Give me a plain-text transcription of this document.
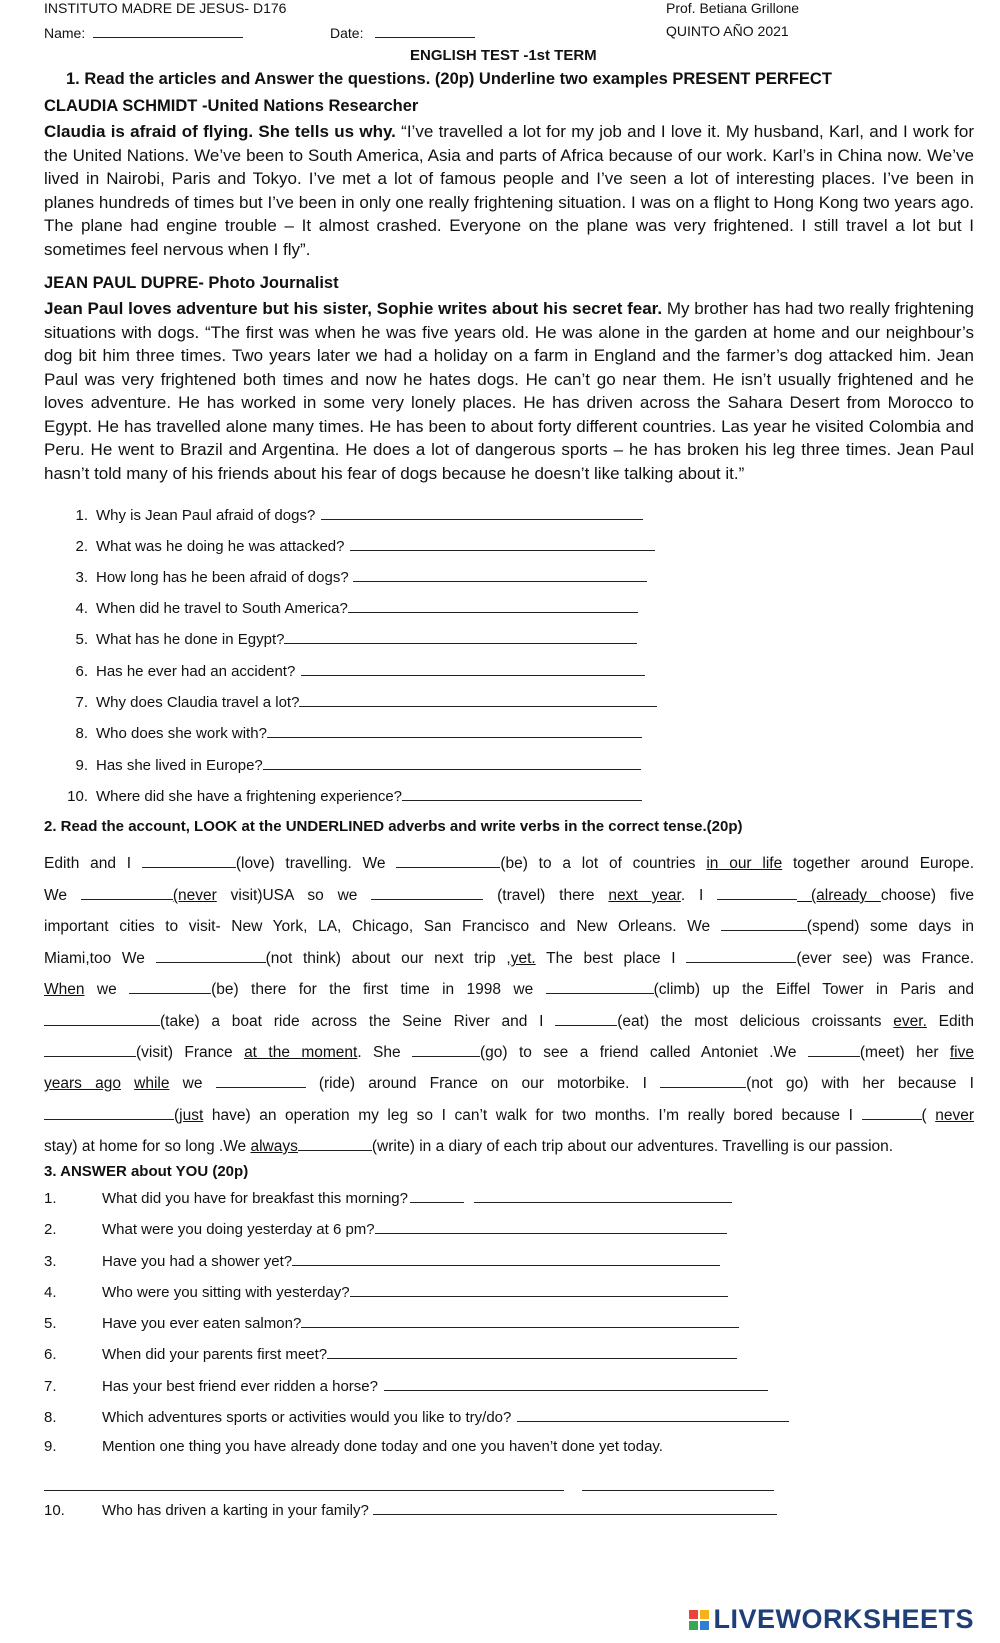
INSTITUTO MADRE DE JESUS- D176	Prof. Betiana Grillone
Name:	Date:	QUINTO AÑO 2021
ENGLISH TEST -1st TERM
1. Read the articles and Answer the questions. (20p) Underline two examples PRESENT PERFECT
CLAUDIA SCHMIDT -United Nations Researcher

Claudia is afraid of flying. She tells us why. “I’ve travelled a lot for my job and I love it. My husband, Karl, and I work for the United Nations. We’ve been to South America, Asia and parts of Africa because of our work. Karl’s in China now. We’ve lived in Nairobi, Paris and Tokyo. I’ve met a lot of famous people and I’ve seen a lot of interesting places. I’ve been in planes hundreds of times but I’ve been in only one really frightening situation. I was on a flight to Hong Kong two years ago. The plane had engine trouble – It almost crashed. Everyone on the plane was very frightened. I still travel a lot but I sometimes feel nervous when I fly”.

JEAN PAUL DUPRE- Photo Journalist

Jean Paul loves adventure but his sister, Sophie writes about his secret fear. My brother has had two really frightening situations with dogs. “The first was when he was five years old. He was alone in the garden at home and our neighbour’s dog bit him three times. Two years later we had a holiday on a farm in England and the farmer’s dog attacked him. Jean Paul was very frightened both times and now he hates dogs. He can’t go near them. He isn’t usually frightened and he loves adventure. He has worked in some very lonely places. He has driven across the Sahara Desert from Morocco to Egypt. He has travelled alone many times. He has been to about forty different countries. Las year he visited Colombia and Peru. He went to Brazil and Argentina. He does a lot of dangerous sports – he has broken his leg three times. Jean Paul hasn’t told many of his friends about his fear of dogs because he doesn’t like talking about it.”

1. Why is Jean Paul afraid of dogs?
2. What was he doing he was attacked?
3. How long has he been afraid of dogs?
4. When did he travel to South America?
5. What has he done in Egypt?
6. Has he ever had an accident?
7. Why does Claudia travel a lot?
8. Who does she work with?
9. Has she lived in Europe?
10. Where did she have a frightening experience?
2. Read the account, LOOK at the UNDERLINED adverbs and write verbs in the correct tense.(20p)
Edith and I	(love) travelling. We	(be) to a lot of countries in our life together around Europe.
We	(never visit)USA so we	(travel) there next year. I	(already choose) five
important cities to visit- New York, LA, Chicago, San Francisco and New Orleans. We	(spend) some days in
Miami,too We	(not think) about our next trip ,yet. The best place I	(ever see) was France.
When we	(be) there for the first time in 1998 we	(climb) up the Eiffel Tower in Paris and
(take) a boat ride across the Seine River and I	(eat) the most delicious croissants ever. Edith
(visit) France at the moment. She	(go) to see a friend called Antoniet .We	(meet) her five
years ago while we	(ride) around France on our motorbike. I	(not go) with her because I
(just have) an operation my leg so I can’t walk for two months. I’m really bored because I	( never
stay) at home for so long .We always	(write) in a diary of each trip about our adventures. Travelling is our passion.
3. ANSWER about YOU (20p)
1.	What did you have for breakfast this morning?
2.	What were you doing yesterday at 6 pm?
3.	Have you had a shower yet?
4.	Who were you sitting with yesterday?
5.	Have you ever eaten salmon?
6.	When did your parents first meet?
7.	Has your best friend ever ridden a horse?
8.	Which adventures sports or activities would you like to try/do?
9.	Mention one thing you have already done today and one you haven’t done yet today.

10. Who has driven a karting in your family?
LIVEWORKSHEETS
